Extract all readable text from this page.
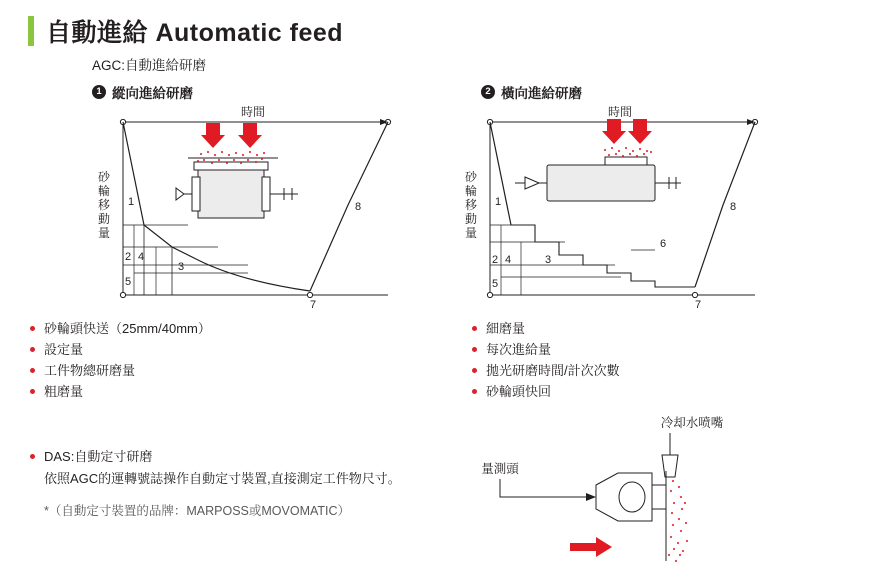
自動進給 Automatic feed
AGC:自動進給研磨
1 縱向進給研磨	2 橫向進給研磨
時間
1
2 4
5
3
7
8
砂
輪
移
動
量
時間
1
2 4
5
3
6
7
8
砂
輪
移
動
量
砂輪頭快送（25mm/40mm）
設定量
工件物總研磨量
粗磨量
細磨量
每次進給量
拋光研磨時間/計次次數
砂輪頭快回
DAS:自動定寸研磨
依照AGC的運轉號誌操作自動定寸裝置,直接測定工件物尺寸。
*（自動定寸裝置的品牌：MARPOSS或MOVOMATIC）
量測頭
冷却水喷嘴
